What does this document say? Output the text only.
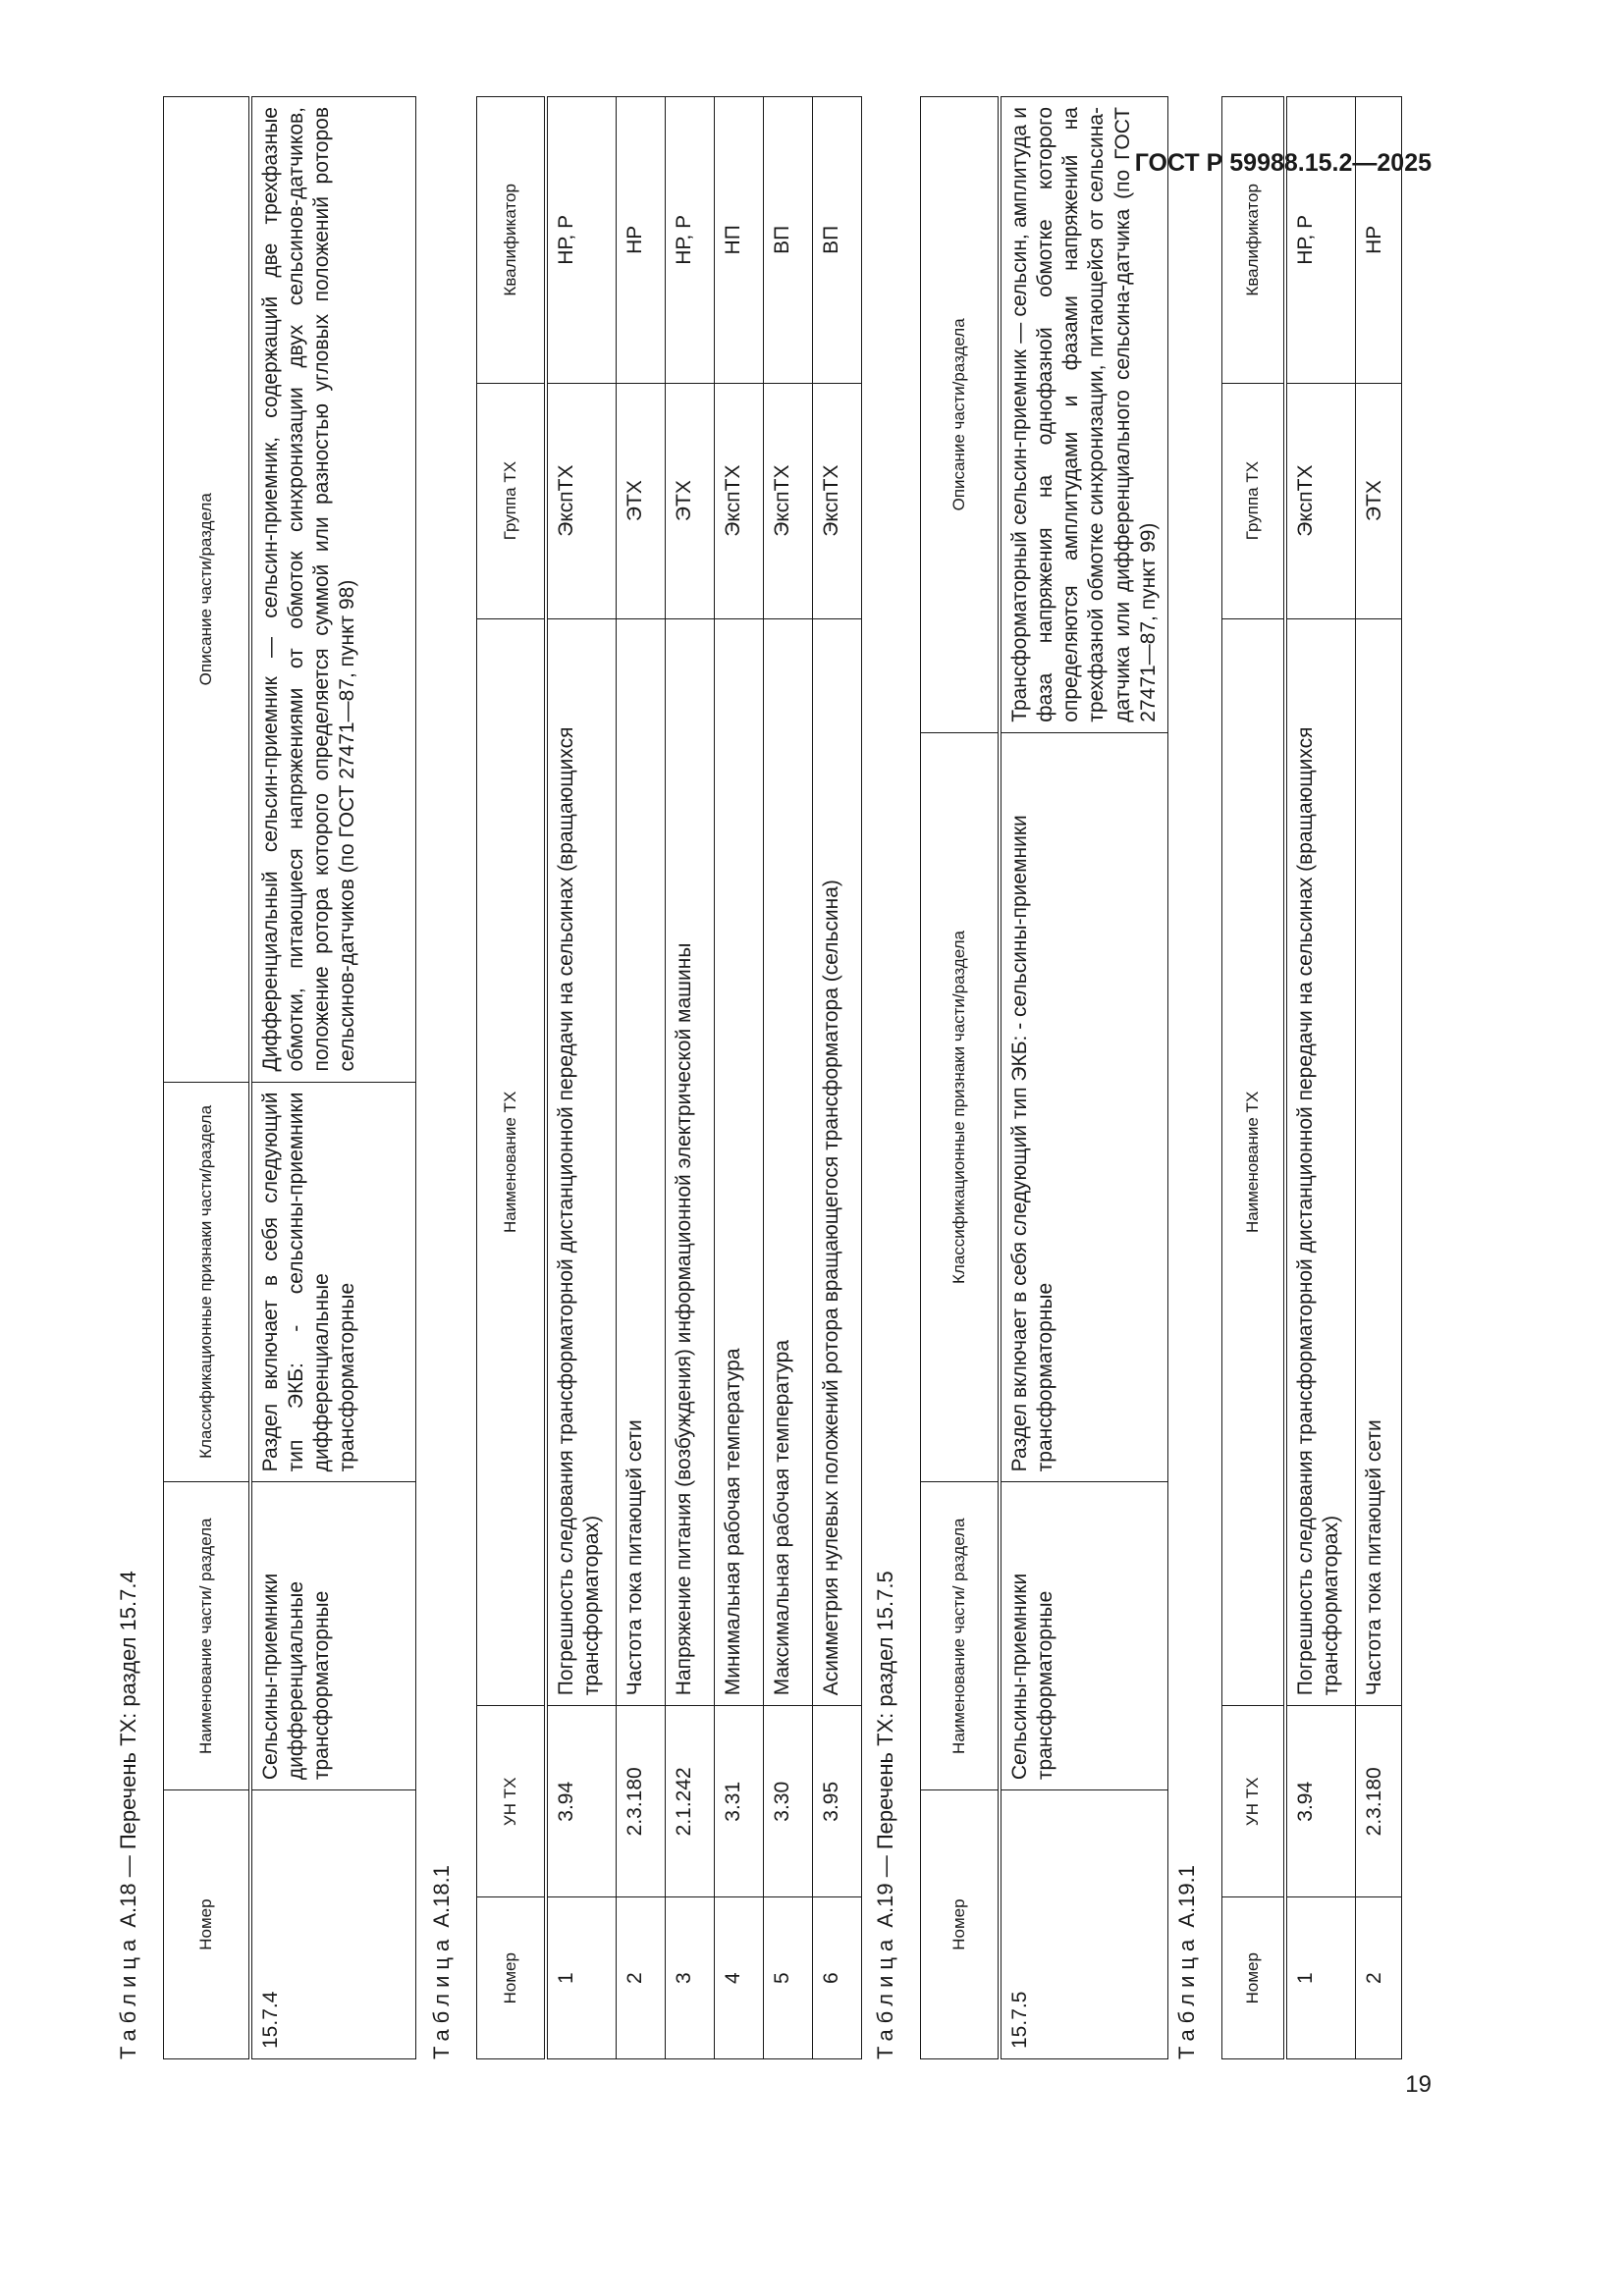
ГОСТ Р 59988.15.2—2025
Таблица А.18 — Перечень ТХ: раздел 15.7.4	Номер	Наименование части/ раздела	Классификационные признаки части/раздела	Описание части/раздела
15.7.4	Сельсины-приемники дифференциальные трансформаторные	Раздел включает в себя следующий тип ЭКБ: - сельсины-приемники дифференциальные трансформаторные	Дифференциальный сельсин-приемник — сельсин-приемник, содержащий две трехфазные обмотки, питающиеся напряжениями от обмоток синхронизации двух сельсинов-датчиков, положение ротора которого определяется суммой или разностью угловых положений роторов сельсинов-датчиков (по ГОСТ 27471—87, пункт 98)
Таблица А.18.1
Номер	УН ТХ	Наименование ТХ	Группа ТХ	Квалификатор
1	3.94	Погрешность следования трансформаторной дистанционной передачи на сельсинах (вращающихся трансформаторах)	ЭкспТХ	НР, Р
2	2.3.180	Частота тока питающей сети	ЭТХ	НР
3	2.1.242	Напряжение питания (возбуждения) информационной электрической машины	ЭТХ	НР, Р
4	3.31	Минимальная рабочая температура	ЭкспТХ	НП
5	3.30	Максимальная рабочая температура	ЭкспТХ	ВП
6	3.95	Асимметрия нулевых положений ротора вращающегося трансформатора (сельсина)	ЭкспТХ	ВП
Таблица А.19 — Перечень ТХ: раздел 15.7.5	Номер	Наименование части/ раздела	Классификационные признаки части/раздела	Описание части/раздела
15.7.5	Сельсины-приемники трансформаторные	Раздел включает в себя следующий тип ЭКБ: - сельсины-приемники трансформаторные	Трансформаторный сельсин-приемник — сельсин, амплитуда и фаза напряжения на однофазной обмотке которого определяются амплитудами и фазами напряжений на трехфазной обмотке синхронизации, питающейся от сельсина-датчика или дифференциального сельсина-датчика (по ГОСТ 27471—87, пункт 99)
Таблица А.19.1
Номер	УН ТХ	Наименование ТХ	Группа ТХ	Квалификатор
1	3.94	Погрешность следования трансформаторной дистанционной передачи на сельсинах (вращающихся трансформаторах)	ЭкспТХ	НР, Р
2	2.3.180	Частота тока питающей сети	ЭТХ	НР
19
